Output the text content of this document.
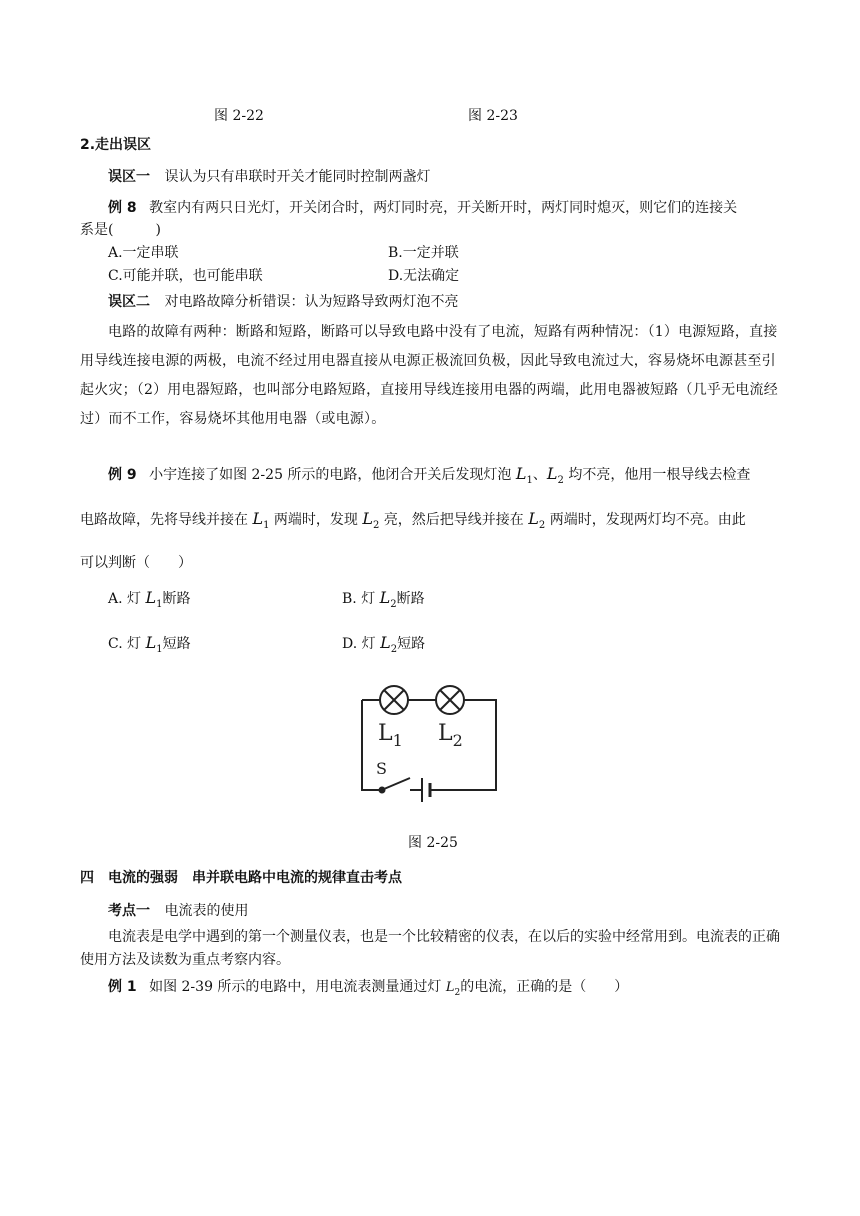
图 2-22	图 2-23
2.走出误区
误区一 误认为只有串联时开关才能同时控制两盏灯
例 8 教室内有两只日光灯，开关闭合时，两灯同时亮，开关断开时，两灯同时熄灭，则它们的连接关
系是(　　　)
A.一定串联	B.一定并联
C.可能并联，也可能串联	D.无法确定
误区二 对电路故障分析错误：认为短路导致两灯泡不亮
电路的故障有两种：断路和短路，断路可以导致电路中没有了电流，短路有两种情况：（1）电源短路，直接用导线连接电源的两极，电流不经过用电器直接从电源正极流回负极，因此导致电流过大，容易烧坏电源甚至引起火灾；（2）用电器短路，也叫部分电路短路，直接用导线连接用电器的两端，此用电器被短路（几乎无电流经过）而不工作，容易烧坏其他用电器（或电源）。
例 9 小宇连接了如图 2-25 所示的电路，他闭合开关后发现灯泡 $L_1$、$L_2$ 均不亮，他用一根导线去检查
电路故障，先将导线并接在 $L_1$ 两端时，发现 $L_2$ 亮，然后把导线并接在 $L_2$ 两端时，发现两灯均不亮。由此
可以判断（　　）
A. 灯 $L_1$断路	B. 灯 $L_2$断路
C. 灯 $L_1$短路	D. 灯 $L_2$短路
$L_1$ $L_2$
S
图 2-25
四　电流的强弱　串并联电路中电流的规律直击考点
考点一 电流表的使用
电流表是电学中遇到的第一个测量仪表，也是一个比较精密的仪表，在以后的实验中经常用到。电流表的正确使用方法及读数为重点考察内容。
例 1 如图 2-39 所示的电路中，用电流表测量通过灯 $L_2$的电流，正确的是（　　）
